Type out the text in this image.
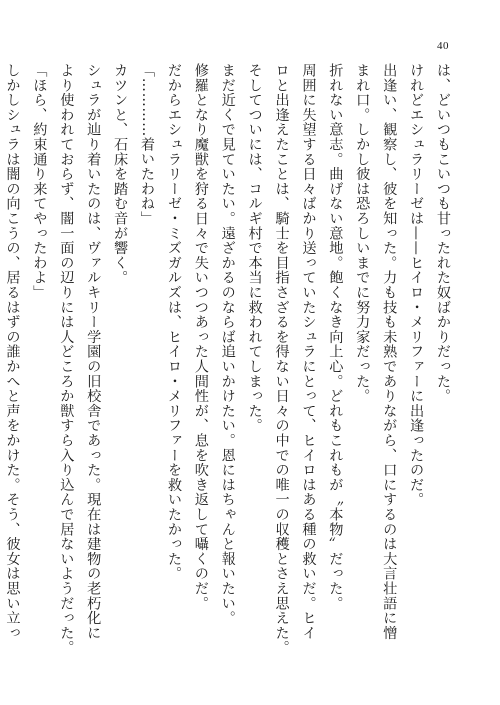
40

は、どいつもこいつも甘ったれた奴ばかりだった。

けれどエシュラリーゼは——ヒイロ・メリファーに出逢ったのだ。

出逢い、観察し、彼を知った。力も技も未熟でありながら、口にするのは大言壮語に憎

まれ口。しかし彼は恐ろしいまでに努力家だった。

折れない意志。曲げない意地。飽くなき向上心。どれもこれもが〝本物〟だった。

周囲に失望する日々ばかり送っていたシュラにとって、ヒイロはある種の救いだ。ヒイ

ロと出逢えたことは、騎士を目指さざるを得ない日々の中での唯一の収穫とさえ思えた。

そしてついには、コルギ村で本当に救われてしまった。

まだ近くで見ていたい。遠ざかるのならば追いかけたい。恩にはちゃんと報いたい。

修羅となり魔獣を狩る日々で失いつつあった人間性が、息を吹き返して囁くのだ。

だからエシュラリーゼ・ミズガルズは、ヒイロ・メリファーを救いたかった。

「…………着いたわね」

カツンと、石床を踏む音が響く。

シュラが辿り着いたのは、ヴァルキリー学園の旧校舎であった。現在は建物の老朽化に

より使われておらず、闇一面の辺りには人どころか獣すら入り込んで居ないようだった。

「ほら、約束通り来てやったわよ」

しかしシュラは闇の向こうの、居るはずの誰かへと声をかけた。そう、彼女は思い立っ
